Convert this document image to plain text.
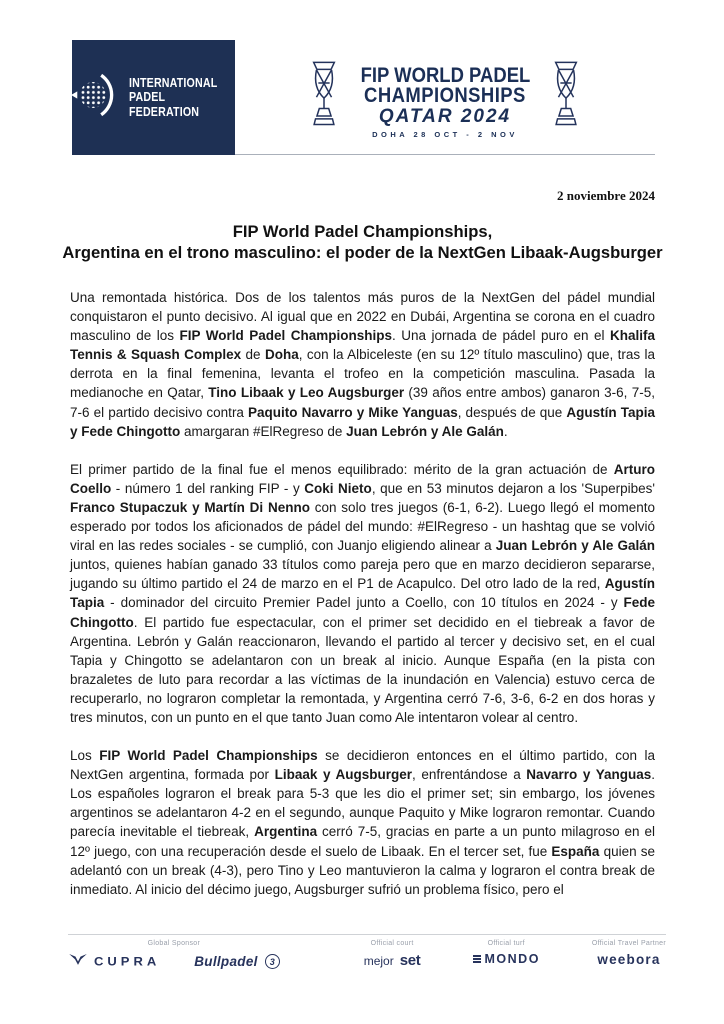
INTERNATIONAL
PADEL
FEDERATION
FIP WORLD PADEL
CHAMPIONSHIPS
QATAR 2024
DOHA 28 OCT - 2 NOV
2 noviembre 2024
FIP World Padel Championships,
Argentina en el trono masculino: el poder de la NextGen Libaak-Augsburger

Una remontada histórica. Dos de los talentos más puros de la NextGen del pádel mundial conquistaron el punto decisivo. Al igual que en 2022 en Dubái, Argentina se corona en el cuadro masculino de los FIP World Padel Championships. Una jornada de pádel puro en el Khalifa Tennis & Squash Complex de Doha, con la Albiceleste (en su 12º título masculino) que, tras la derrota en la final femenina, levanta el trofeo en la competición masculina. Pasada la medianoche en Qatar, Tino Libaak y Leo Augsburger (39 años entre ambos) ganaron 3-6, 7-5, 7-6 el partido decisivo contra Paquito Navarro y Mike Yanguas, después de que Agustín Tapia y Fede Chingotto amargaran #ElRegreso de Juan Lebrón y Ale Galán.

El primer partido de la final fue el menos equilibrado: mérito de la gran actuación de Arturo Coello - número 1 del ranking FIP - y Coki Nieto, que en 53 minutos dejaron a los 'Superpibes' Franco Stupaczuk y Martín Di Nenno con solo tres juegos (6-1, 6-2). Luego llegó el momento esperado por todos los aficionados de pádel del mundo: #ElRegreso - un hashtag que se volvió viral en las redes sociales - se cumplió, con Juanjo eligiendo alinear a Juan Lebrón y Ale Galán juntos, quienes habían ganado 33 títulos como pareja pero que en marzo decidieron separarse, jugando su último partido el 24 de marzo en el P1 de Acapulco. Del otro lado de la red, Agustín Tapia - dominador del circuito Premier Padel junto a Coello, con 10 títulos en 2024 - y Fede Chingotto. El partido fue espectacular, con el primer set decidido en el tiebreak a favor de Argentina. Lebrón y Galán reaccionaron, llevando el partido al tercer y decisivo set, en el cual Tapia y Chingotto se adelantaron con un break al inicio. Aunque España (en la pista con brazaletes de luto para recordar a las víctimas de la inundación en Valencia) estuvo cerca de recuperarlo, no lograron completar la remontada, y Argentina cerró 7-6, 3-6, 6-2 en dos horas y tres minutos, con un punto en el que tanto Juan como Ale intentaron volear al centro.

Los FIP World Padel Championships se decidieron entonces en el último partido, con la NextGen argentina, formada por Libaak y Augsburger, enfrentándose a Navarro y Yanguas. Los españoles lograron el break para 5-3 que les dio el primer set; sin embargo, los jóvenes argentinos se adelantaron 4-2 en el segundo, aunque Paquito y Mike lograron remontar. Cuando parecía inevitable el tiebreak, Argentina cerró 7-5, gracias en parte a un punto milagroso en el 12º juego, con una recuperación desde el suelo de Libaak. En el tercer set, fue España quien se adelantó con un break (4-3), pero Tino y Leo mantuvieron la calma y lograron el contra break de inmediato. Al inicio del décimo juego, Augsburger sufrió un problema físico, pero el

Global Sponsor
CUPRA	Bullpadel	3
Official court
mejor set
Official turf
MONDO
Official Travel Partner
weebora
